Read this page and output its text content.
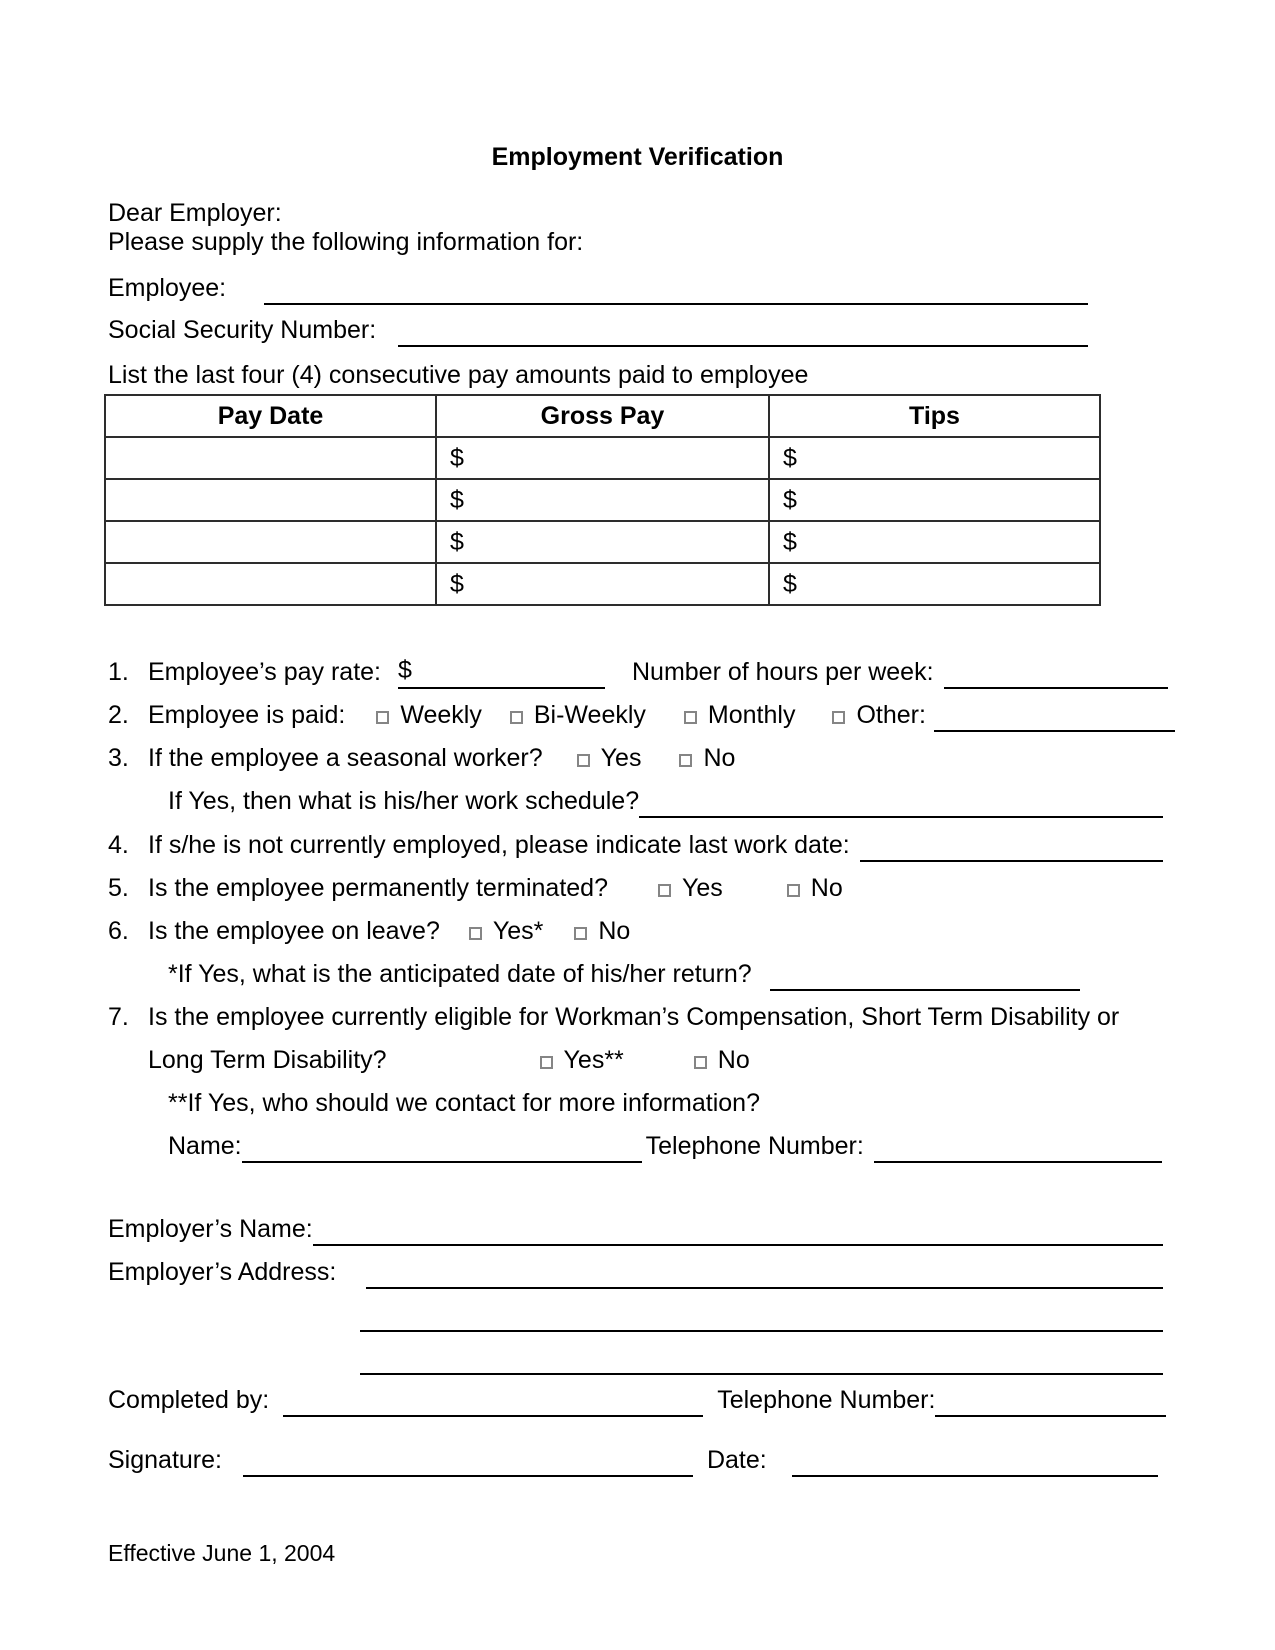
Employment Verification
Dear Employer:
Please supply the following information for:
Employee:
Social Security Number:
List the last four (4) consecutive pay amounts paid to employee
Pay Date	Gross Pay	Tips
	$	$
	$	$
	$	$
	$	$
1. Employee’s pay rate: $	Number of hours per week:
2. Employee is paid: Weekly Bi-Weekly Monthly Other:
3. If the employee a seasonal worker? Yes No
If Yes, then what is his/her work schedule?
4. If s/he is not currently employed, please indicate last work date:
5. Is the employee permanently terminated?	Yes	No
6. Is the employee on leave? Yes* No
*If Yes, what is the anticipated date of his/her return?
7. Is the employee currently eligible for Workman’s Compensation, Short Term Disability or
Long Term Disability?	Yes**	No
**If Yes, who should we contact for more information?
Name:	Telephone Number:
Employer’s Name:
Employer’s Address:
Completed by:	Telephone Number:
Signature:	Date:
Effective June 1, 2004
